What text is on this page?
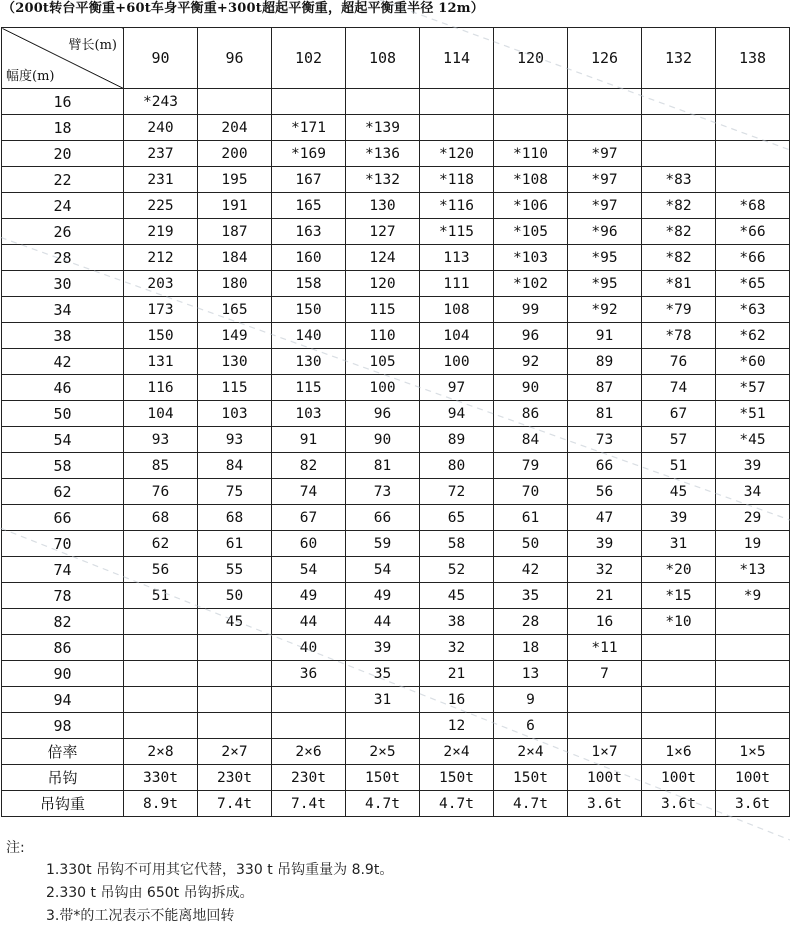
（200t转台平衡重+60t车身平衡重+300t超起平衡重，超起平衡重半径 12m）
臂长(m)
幅度(m)	90	96	102	108	114	120	126	132	138
16	*243								
18	240	204	*171	*139					
20	237	200	*169	*136	*120	*110	*97		
22	231	195	167	*132	*118	*108	*97	*83	
24	225	191	165	130	*116	*106	*97	*82	*68
26	219	187	163	127	*115	*105	*96	*82	*66
28	212	184	160	124	113	*103	*95	*82	*66
30	203	180	158	120	111	*102	*95	*81	*65
34	173	165	150	115	108	99	*92	*79	*63
38	150	149	140	110	104	96	91	*78	*62
42	131	130	130	105	100	92	89	76	*60
46	116	115	115	100	97	90	87	74	*57
50	104	103	103	96	94	86	81	67	*51
54	93	93	91	90	89	84	73	57	*45
58	85	84	82	81	80	79	66	51	39
62	76	75	74	73	72	70	56	45	34
66	68	68	67	66	65	61	47	39	29
70	62	61	60	59	58	50	39	31	19
74	56	55	54	54	52	42	32	*20	*13
78	51	50	49	49	45	35	21	*15	*9
82		45	44	44	38	28	16	*10	
86			40	39	32	18	*11		
90			36	35	21	13	7		
94				31	16	9			
98					12	6			
倍率	2×8	2×7	2×6	2×5	2×4	2×4	1×7	1×6	1×5
吊钩	330t	230t	230t	150t	150t	150t	100t	100t	100t
吊钩重	8.9t	7.4t	7.4t	4.7t	4.7t	4.7t	3.6t	3.6t	3.6t
注:
1.330t 吊钩不可用其它代替，330 t 吊钩重量为 8.9t。
2.330 t 吊钩由 650t 吊钩拆成。
3.带*的工况表示不能离地回转
